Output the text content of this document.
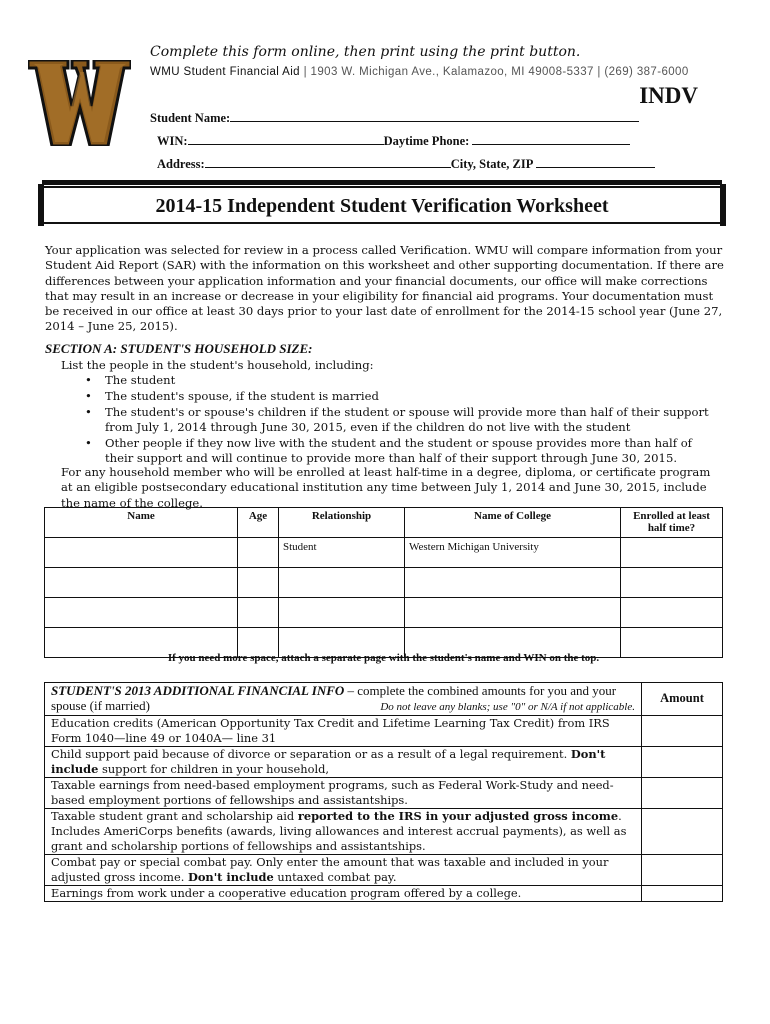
Complete this form online, then print using the print button.
WMU Student Financial Aid | 1903 W. Michigan Ave., Kalamazoo, MI 49008-5337 | (269) 387-6000
INDV
Student Name:
WIN:	Daytime Phone:
Address:	City, State, ZIP
2014-15 Independent Student Verification Worksheet
Your application was selected for review in a process called Verification. WMU will compare information from your Student Aid Report (SAR) with the information on this worksheet and other supporting documentation. If there are differences between your application information and your financial documents, our office will make corrections that may result in an increase or decrease in your eligibility for financial aid programs. Your documentation must be received in our office at least 30 days prior to your last date of enrollment for the 2014-15 school year (June 27, 2014 – June 25, 2015).
SECTION A: STUDENT'S HOUSEHOLD SIZE:
List the people in the student's household, including:
•	The student
•	The student's spouse, if the student is married
•	The student's or spouse's children if the student or spouse will provide more than half of their support from July 1, 2014 through June 30, 2015, even if the children do not live with the student
•	Other people if they now live with the student and the student or spouse provides more than half of their support and will continue to provide more than half of their support through June 30, 2015.
For any household member who will be enrolled at least half-time in a degree, diploma, or certificate program at an eligible postsecondary educational institution any time between July 1, 2014 and June 30, 2015, include the name of the college.
Name	Age	Relationship	Name of College	Enrolled at least half time?
		Student	Western Michigan University	

If you need more space, attach a separate page with the student's name and WIN on the top.
STUDENT'S 2013 ADDITIONAL FINANCIAL INFO – complete the combined amounts for you and your spouse (if married) Do not leave any blanks; use "0" or N/A if not applicable.	Amount
Education credits (American Opportunity Tax Credit and Lifetime Learning Tax Credit) from IRS Form 1040—line 49 or 1040A— line 31	
Child support paid because of divorce or separation or as a result of a legal requirement. Don't include support for children in your household,	
Taxable earnings from need-based employment programs, such as Federal Work-Study and need-based employment portions of fellowships and assistantships.	
Taxable student grant and scholarship aid reported to the IRS in your adjusted gross income. Includes AmeriCorps benefits (awards, living allowances and interest accrual payments), as well as grant and scholarship portions of fellowships and assistantships.	
Combat pay or special combat pay. Only enter the amount that was taxable and included in your adjusted gross income. Don't include untaxed combat pay.	
Earnings from work under a cooperative education program offered by a college.	
